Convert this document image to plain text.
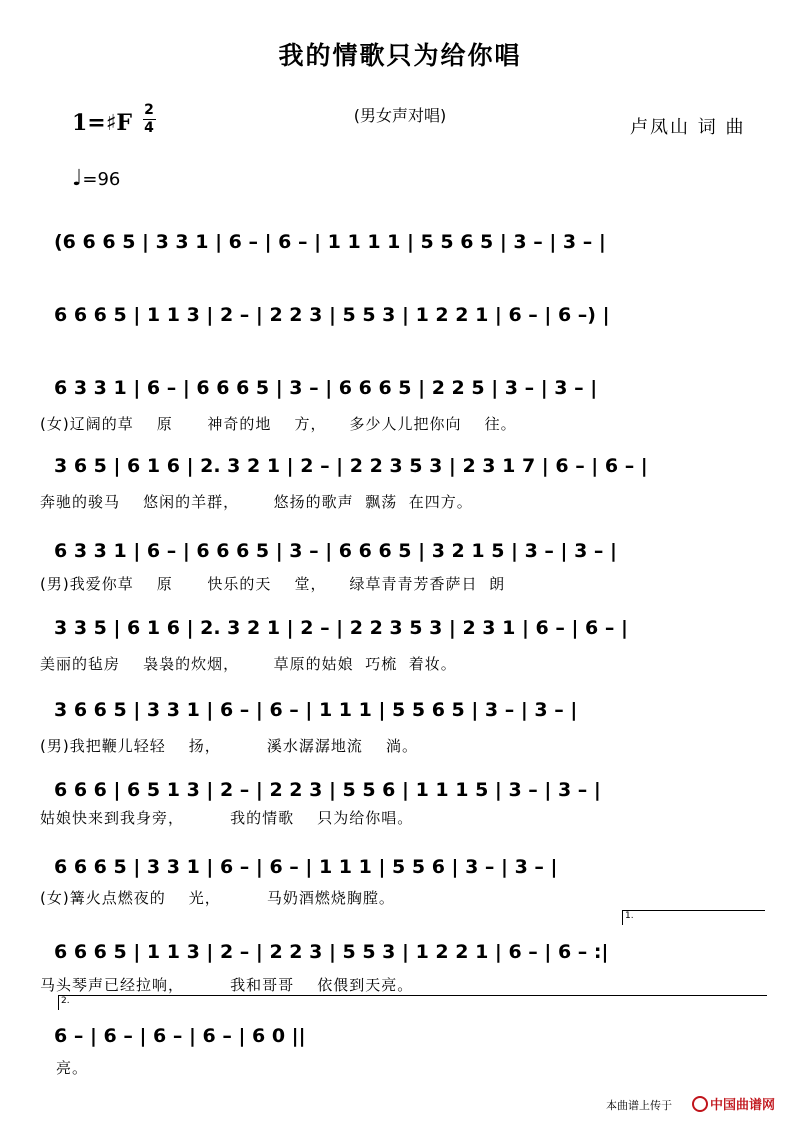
我的情歌只为给你唱
1=♯F 2
4
(男女声对唱)
卢凤山 词 曲
♩=96
(6 6 6 5 | 3 3 1 | 6 – | 6 – | 1 1 1 1 | 5 5 6 5 | 3 – | 3 – |
6 6 6 5 | 1 1 3 | 2 – | 2 2 3 | 5 5 3 | 1 2 2 1 | 6 – | 6 –) |
6 3 3 1 | 6 – | 6 6 6 5 | 3 – | 6 6 6 5 | 2 2 5 | 3 – | 3 – |
(女)辽阔的草    原      神奇的地    方，    多少人儿把你向    往。
3 6 5 | 6 1 6 | 2. 3 2 1 | 2 – | 2 2 3 5 3 | 2 3 1 7 | 6 – | 6 – |
奔驰的骏马    悠闲的羊群，      悠扬的歌声  飘荡  在四方。
6 3 3 1 | 6 – | 6 6 6 5 | 3 – | 6 6 6 5 | 3 2 1 5 | 3 – | 3 – |
(男)我爱你草    原      快乐的天    堂，    绿草青青芳香萨日  朗
3 3 5 | 6 1 6 | 2. 3 2 1 | 2 – | 2 2 3 5 3 | 2 3 1 | 6 – | 6 – |
美丽的毡房    袅袅的炊烟，      草原的姑娘  巧梳  着妆。
3 6 6 5 | 3 3 1 | 6 – | 6 – | 1 1 1 | 5 5 6 5 | 3 – | 3 – |
(男)我把鞭儿轻轻    扬，        溪水潺潺地流    淌。
6 6 6 | 6 5 1 3 | 2 – | 2 2 3 | 5 5 6 | 1 1 1 5 | 3 – | 3 – |
姑娘快来到我身旁，        我的情歌    只为给你唱。
6 6 6 5 | 3 3 1 | 6 – | 6 – | 1 1 1 | 5 5 6 | 3 – | 3 – |
(女)篝火点燃夜的    光，        马奶酒燃烧胸膛。
1.
6 6 6 5 | 1 1 3 | 2 – | 2 2 3 | 5 5 3 | 1 2 2 1 | 6 – | 6 – :|
马头琴声已经拉响，        我和哥哥    依偎到天亮。
2.
6 – | 6 – | 6 – | 6 – | 6 0 ||
亮。
本曲谱上传于	中国曲谱网
